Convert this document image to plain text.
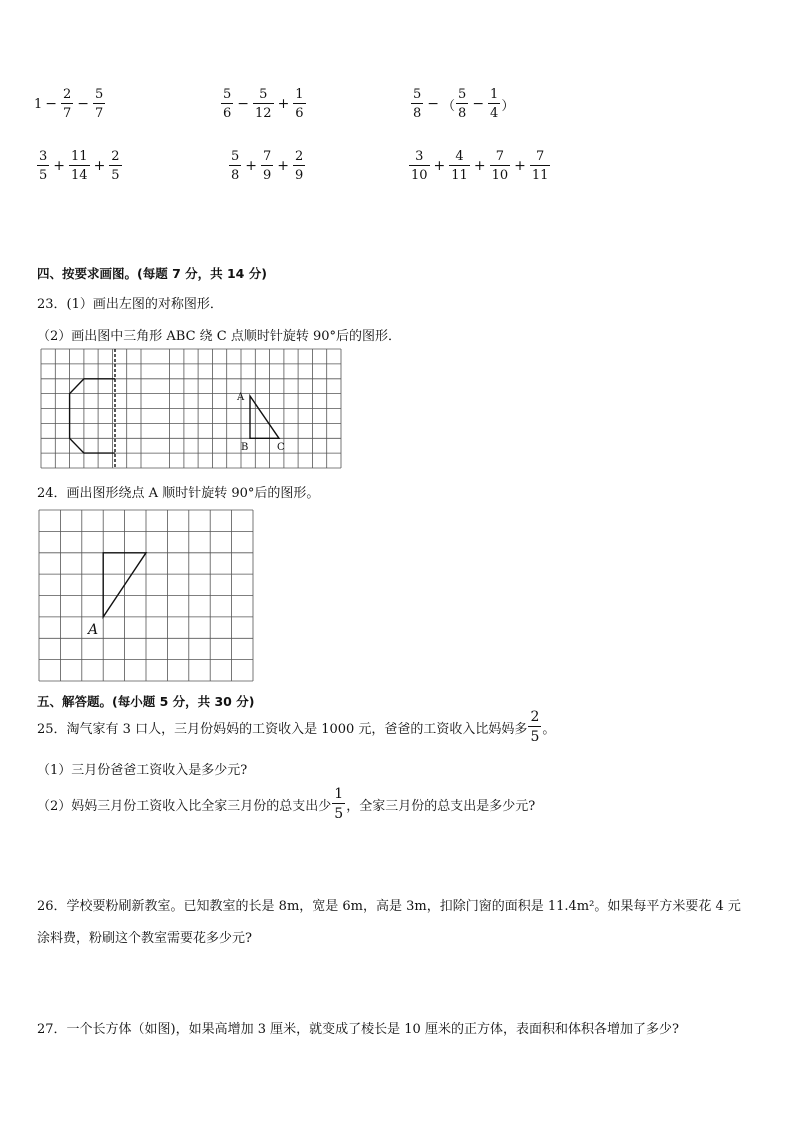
$1 - \frac{2}{7} - \frac{5}{7}$	$\frac{5}{6} - \frac{5}{12} + \frac{1}{6}$	$\frac{5}{8}$ − （ $\frac{5}{8} - \frac{1}{4}$ ）
$\frac{3}{5} + \frac{11}{14} + \frac{2}{5}$	$\frac{5}{8} + \frac{7}{9} + \frac{2}{9}$	$\frac{3}{10} + \frac{4}{11} + \frac{7}{10} + \frac{7}{11}$
四、按要求画图。(每题 7 分，共 14 分)
23．(1）画出左图的对称图形．
（2）画出图中三角形 ABC 绕 C 点顺时针旋转 90°后的图形．
A
B	C
24．画出图形绕点 A 顺时针旋转 90°后的图形。
A
五、解答题。(每小题 5 分，共 30 分)
25．淘气家有 3 口人，三月份妈妈的工资收入是 1000 元，爸爸的工资收入比妈妈多 $\frac{2}{5}$ 。
（1）三月份爸爸工资收入是多少元?
（2）妈妈三月份工资收入比全家三月份的总支出少 $\frac{1}{5}$ ，全家三月份的总支出是多少元?
26．学校要粉刷新教室。已知教室的长是 8m，宽是 6m，高是 3m，扣除门窗的面积是 11.4m²。如果每平方米要花 4 元
涂料费，粉刷这个教室需要花多少元?
27．一个长方体（如图)，如果高增加 3 厘米，就变成了棱长是 10 厘米的正方体，表面积和体积各增加了多少?
